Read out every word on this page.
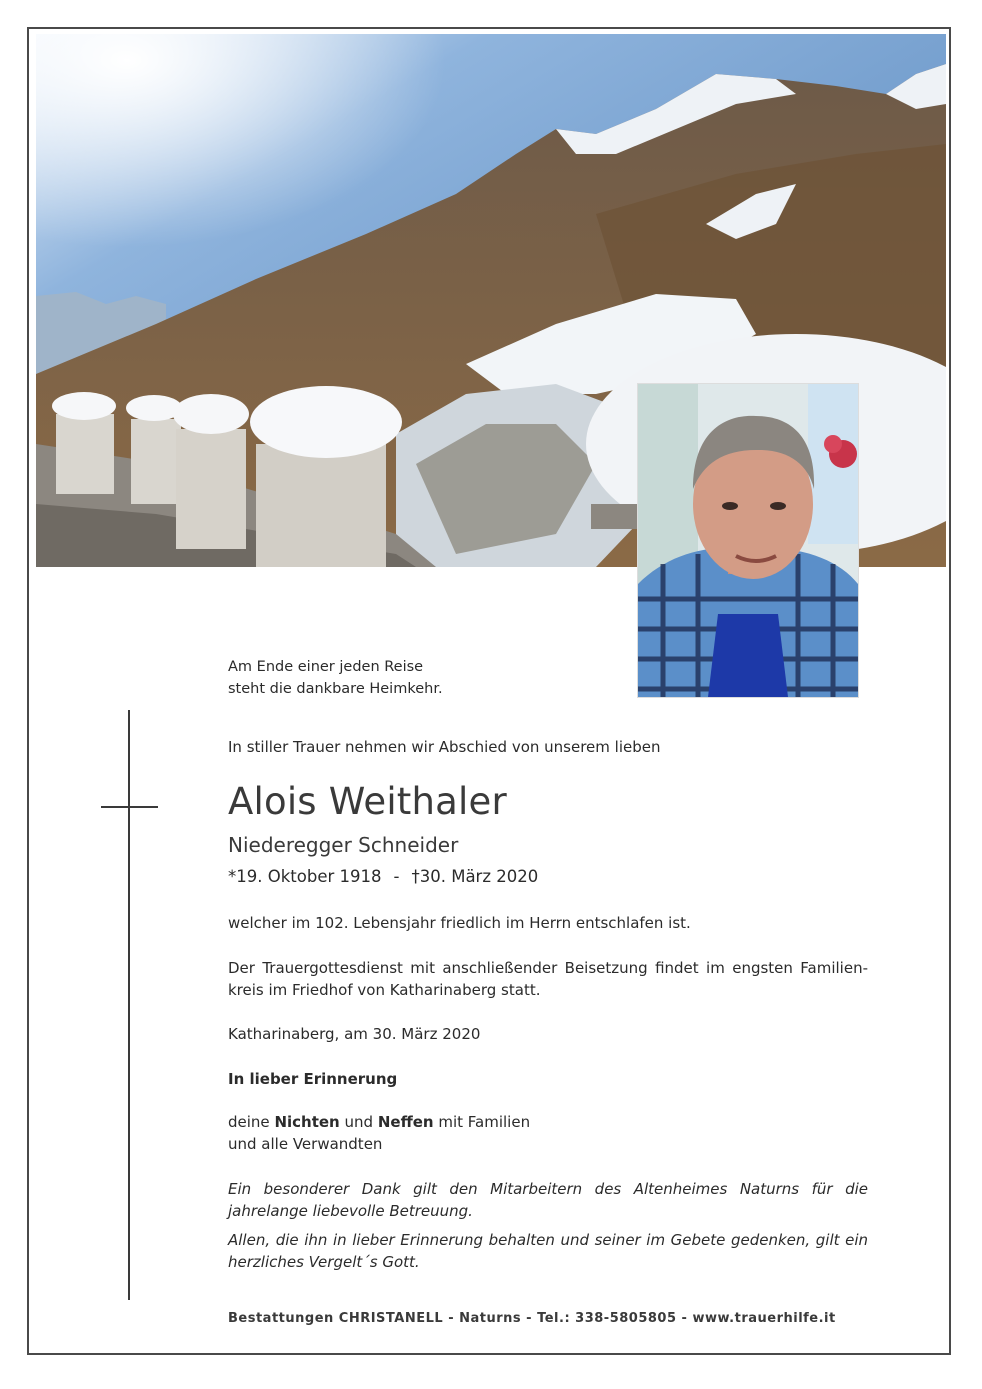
Am Ende einer jeden Reise
steht die dankbare Heimkehr.
In stiller Trauer nehmen wir Abschied von unserem lieben
Alois Weithaler
Niederegger Schneider
*19. Oktober 1918 - †30. März 2020
welcher im 102. Lebensjahr friedlich im Herrn entschlafen ist.
Der Trauergottesdienst mit anschließender Beisetzung findet im engsten Familien-kreis im Friedhof von Katharinaberg statt.
Katharinaberg, am 30. März 2020
In lieber Erinnerung
deine Nichten und Neffen mit Familien
und alle Verwandten
Ein besonderer Dank gilt den Mitarbeitern des Altenheimes Naturns für die jahrelange liebevolle Betreuung.
Allen, die ihn in lieber Erinnerung behalten und seiner im Gebete gedenken, gilt ein herzliches Vergelt´s Gott.
Bestattungen CHRISTANELL - Naturns - Tel.: 338-5805805 - www.trauerhilfe.it
